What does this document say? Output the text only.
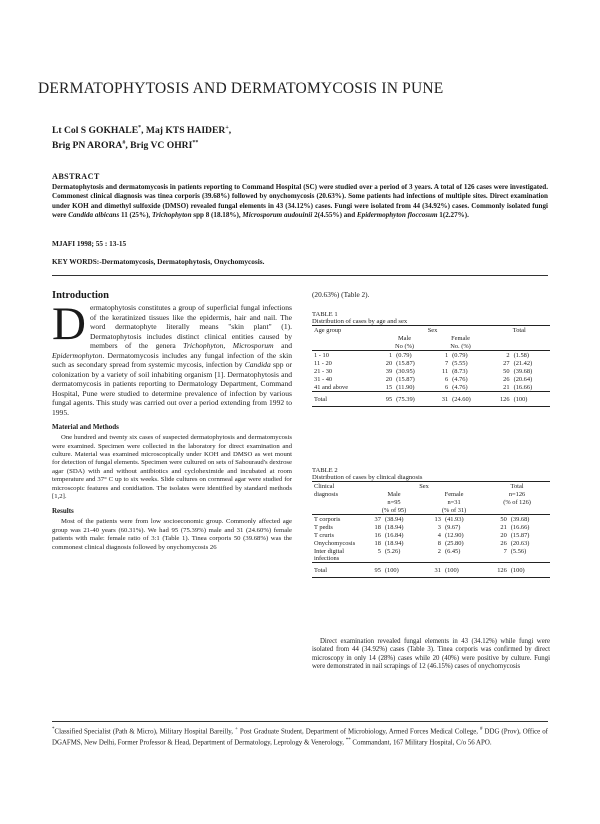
DERMATOPHYTOSIS AND DERMATOMYCOSIS IN PUNE
Lt Col S GOKHALE*, Maj KTS HAIDER+,
Brig PN ARORA#, Brig VC OHRI**
ABSTRACT
Dermatophytosis and dermatomycosis in patients reporting to Command Hospital (SC) were studied over a period of 3 years. A total of 126 cases were investigated. Commonest clinical diagnosis was tinea corporis (39.68%) followed by onychomycosis (20.63%). Some patients had infections of multiple sites. Direct examination under KOH and dimethyl sulfoxide (DMSO) revealed fungal elements in 43 (34.12%) cases. Fungi were isolated from 44 (34.92%) cases. Commonly isolated fungi were Candida albicans 11 (25%), Trichophyton spp 8 (18.18%), Microsporum audouinii 2(4.55%) and Epidermophyton floccosum 1(2.27%).
MJAFI 1998; 55 : 13-15
KEY WORDS:-Dermatomycosis, Dermatophytosis, Onychomycosis.
Introduction
Dermatophytosis constitutes a group of superficial fungal infections of the keratinized tissues like the epidermis, hair and nail. The word dermatophyte literally means "skin plant" (1). Dermatophytosis includes distinct clinical entities caused by members of the genera Trichophyton, Microsporum and Epidermophyton. Dermatomycosis includes any fungal infection of the skin such as secondary spread from systemic mycosis, infection by Candida spp or colonization by a variety of soil inhabiting organism [1]. Dermatophytosis and dermatomycosis in patients reporting to Dermatology Department, Command Hospital, Pune were studied to determine prevalence of infection by various fungal agents. This study was carried out over a period extending from 1992 to 1995.
Material and Methods
One hundred and twenty six cases of suspected dermatophytosis and dermatomycosis were examined. Specimen were collected in the laboratory for direct examination and culture. Material was examined microscopically under KOH and DMSO as wet mount for detection of fungal elements. Specimen were cultured on sets of Sabouraud's dextrose agar (SDA) with and without antibiotics and cycloheximide and incubated at room temperature and 37° C up to six weeks. Slide cultures on cornmeal agar were studied for microscopic features and conidiation. The isolates were identified by standard methods [1,2].
Results
Most of the patients were from low socioeconomic group. Commonly affected age group was 21-40 years (60.31%). We had 95 (75.39%) male and 31 (24.60%) female patients with male: female ratio of 3:1 (Table 1). Tinea corporis 50 (39.68%) was the commonest clinical diagnosis followed by onychomycosis 26
(20.63%) (Table 2).
TABLE 1
Distribution of cases by age and sex
Age group	Sex				Total	
	Male		Female			
	No (%)		No. (%)			
1 - 10	1	(0.79)	1	(0.79)	2	(1.58)
11 - 20	20	(15.87)	7	(5.55)	27	(21.42)
21 - 30	39	(30.95)	11	(8.73)	50	(39.68)
31 - 40	20	(15.87)	6	(4.76)	26	(20.64)
41 and above	15	(11.90)	6	(4.76)	21	(16.66)
Total	95	(75.39)	31	(24.60)	126	(100)
TABLE 2
Distribution of cases by clinical diagnosis
Clinical	Sex				Total	
diagnosis	Male		Female		n=126	
	n=95		n=31		(% of 126)	
	(% of 95)		(% of 31)			
T corporis	37	(38.94)	13	(41.93)	50	(39.68)
T pedis	18	(18.94)	3	(9.67)	21	(16.66)
T cruris	16	(16.84)	4	(12.90)	20	(15.87)
Onychomycosis	18	(18.94)	8	(25.80)	26	(20.63)
Inter digital infections	5	(5.26)	2	(6.45)	7	(5.56)
Total	95	(100)	31	(100)	126	(100)
Direct examination revealed fungal elements in 43 (34.12%) while fungi were isolated from 44 (34.92%) cases (Table 3). Tinea corporis was confirmed by direct microscopy in only 14 (28%) cases while 20 (40%) were positive by culture. Fungi were demonstrated in nail scrapings of 12 (46.15%) cases of onychomycosis
*Classified Specialist (Path & Micro), Military Hospital Bareilly, + Post Graduate Student, Department of Microbiology, Armed Forces Medical College, # DDG (Prov), Office of DGAFMS, New Delhi, Former Professor & Head, Department of Dermatology, Leprology & Venerology, ** Commandant, 167 Military Hospital, C/o 56 APO.
